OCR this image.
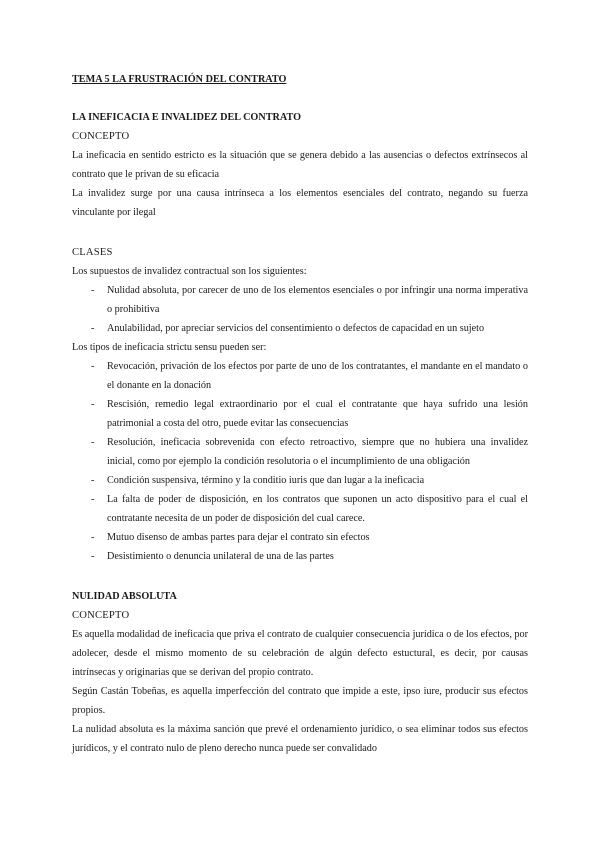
TEMA 5 LA FRUSTRACIÓN DEL CONTRATO

LA INEFICACIA E INVALIDEZ DEL CONTRATO

CONCEPTO

La ineficacia en sentido estricto es la situación que se genera debido a las ausencias o defectos extrínsecos al contrato que le privan de su eficacia

La invalidez surge por una causa intrínseca a los elementos esenciales del contrato, negando su fuerza vinculante por ilegal

CLASES

Los supuestos de invalidez contractual son los siguientes:

- Nulidad absoluta, por carecer de uno de los elementos esenciales o por infringir una norma imperativa o prohibitiva
- Anulabilidad, por apreciar servicios del consentimiento o defectos de capacidad en un sujeto

Los tipos de ineficacia strictu sensu pueden ser:

- Revocación, privación de los efectos por parte de uno de los contratantes, el mandante en el mandato o el donante en la donación
- Rescisión, remedio legal extraordinario por el cual el contratante que haya sufrido una lesión patrimonial a costa del otro, puede evitar las consecuencias
- Resolución, ineficacia sobrevenida con efecto retroactivo, siempre que no hubiera una invalidez inicial, como por ejemplo la condición resolutoria o el incumplimiento de una obligación
- Condición suspensiva, término y la conditio iuris que dan lugar a la ineficacia
- La falta de poder de disposición, en los contratos que suponen un acto dispositivo para el cual el contratante necesita de un poder de disposición del cual carece.
- Mutuo disenso de ambas partes para dejar el contrato sin efectos
- Desistimiento o denuncia unilateral de una de las partes

NULIDAD ABSOLUTA

CONCEPTO

Es aquella modalidad de ineficacia que priva el contrato de cualquier consecuencia jurídica o de los efectos, por adolecer, desde el mismo momento de su celebración de algún defecto estuctural, es decir, por causas intrínsecas y originarias que se derivan del propio contrato.

Según Castán Tobeñas, es aquella imperfección del contrato que impide a este, ipso iure, producir sus efectos propios.

La nulidad absoluta es la máxima sanción que prevé el ordenamiento jurídico, o sea eliminar todos sus efectos jurídicos, y el contrato nulo de pleno derecho nunca puede ser convalidado
